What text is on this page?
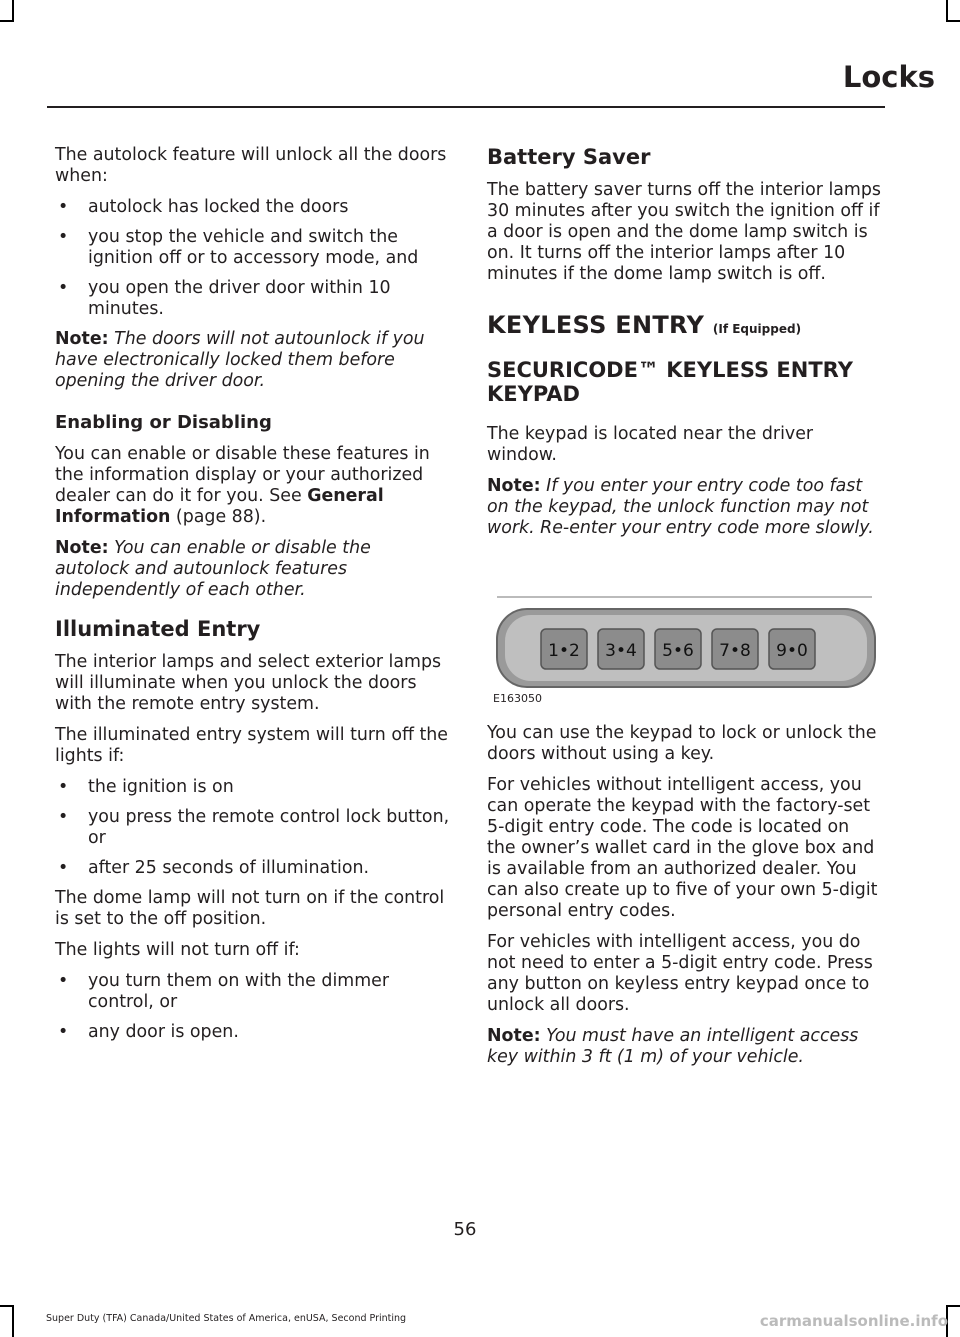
Locks

The autolock feature will unlock all the doors when:

• autolock has locked the doors
• you stop the vehicle and switch the ignition off or to accessory mode, and
• you open the driver door within 10 minutes.

Note: The doors will not autounlock if you have electronically locked them before opening the driver door.

Enabling or Disabling

You can enable or disable these features in the information display or your authorized dealer can do it for you. See General Information (page 88).

Note: You can enable or disable the autolock and autounlock features independently of each other.

Illuminated Entry

The interior lamps and select exterior lamps will illuminate when you unlock the doors with the remote entry system.

The illuminated entry system will turn off the lights if:

• the ignition is on
• you press the remote control lock button, or
• after 25 seconds of illumination.

The dome lamp will not turn on if the control is set to the off position.

The lights will not turn off if:

• you turn them on with the dimmer control, or
• any door is open.
Battery Saver

The battery saver turns off the interior lamps 30 minutes after you switch the ignition off if a door is open and the dome lamp switch is on. It turns off the interior lamps after 10 minutes if the dome lamp switch is off.

KEYLESS ENTRY (If Equipped)
SECURICODE™ KEYLESS ENTRY KEYPAD

The keypad is located near the driver window.

Note: If you enter your entry code too fast on the keypad, the unlock function may not work. Re-enter your entry code more slowly.

1•2 3•4 5•6 7•8 9•0
E163050

You can use the keypad to lock or unlock the doors without using a key.

For vehicles without intelligent access, you can operate the keypad with the factory-set 5-digit entry code. The code is located on the owner’s wallet card in the glove box and is available from an authorized dealer. You can also create up to five of your own 5-digit personal entry codes.

For vehicles with intelligent access, you do not need to enter a 5-digit entry code. Press any button on keyless entry keypad once to unlock all doors.

Note: You must have an intelligent access key within 3 ft (1 m) of your vehicle.

56
Super Duty (TFA) Canada/United States of America, enUSA, Second Printing	carmanualsonline.info
